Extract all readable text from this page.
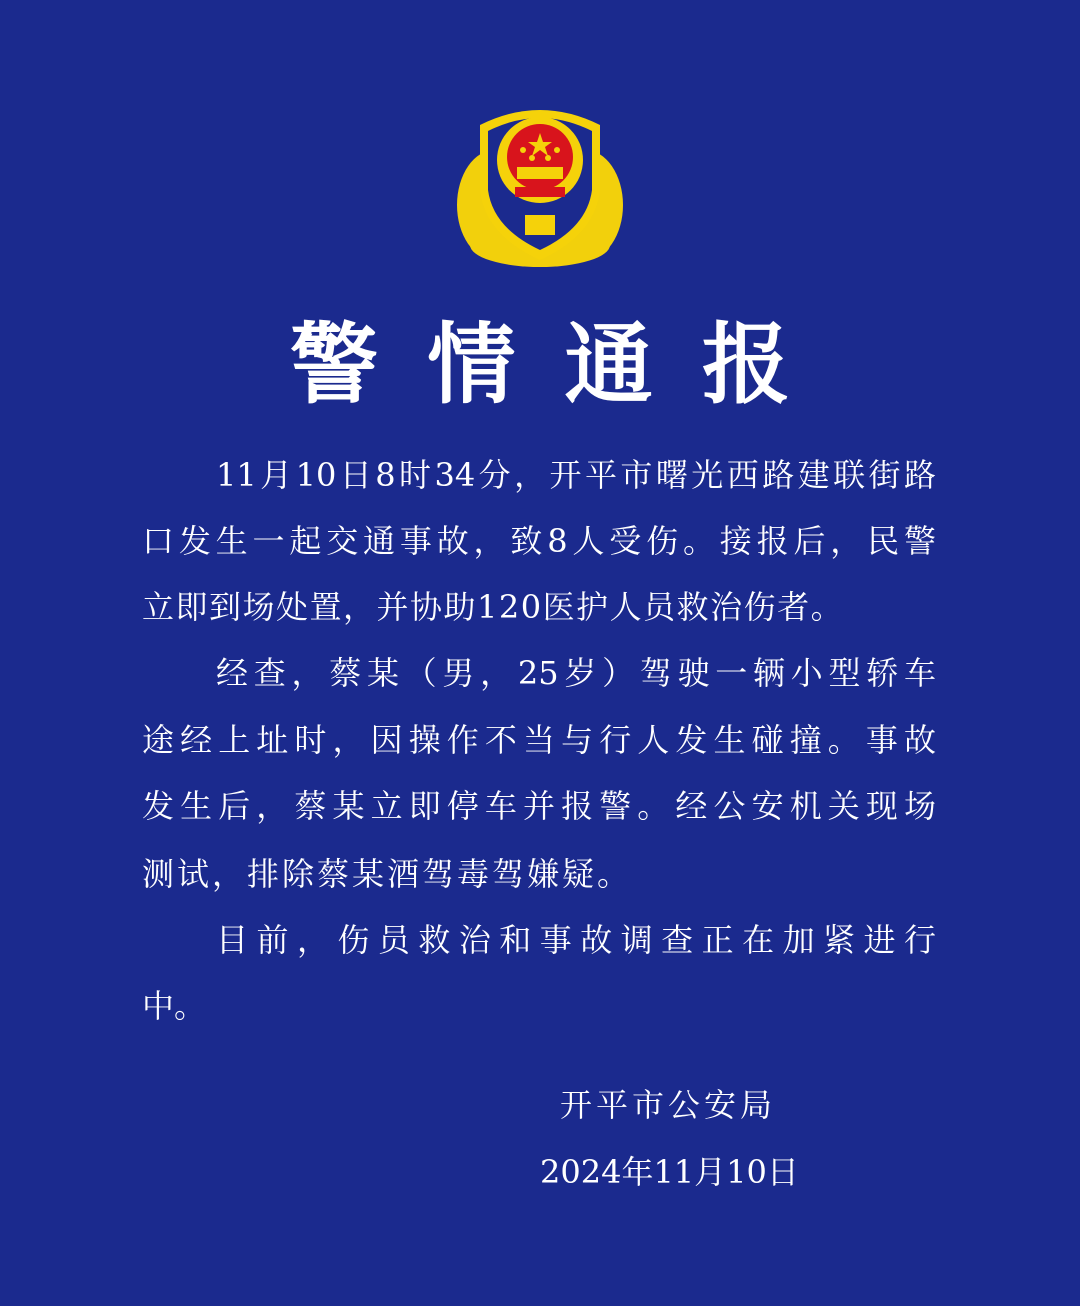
警情通报
11月10日8时34分，开平市曙光西路建联街路
口发生一起交通事故，致8人受伤。接报后，民警
立即到场处置，并协助120医护人员救治伤者。
经查，蔡某（男，25岁）驾驶一辆小型轿车
途经上址时，因操作不当与行人发生碰撞。事故
发生后，蔡某立即停车并报警。经公安机关现场
测试，排除蔡某酒驾毒驾嫌疑。
目前，伤员救治和事故调查正在加紧进行
中。
开平市公安局
2024年11月10日
